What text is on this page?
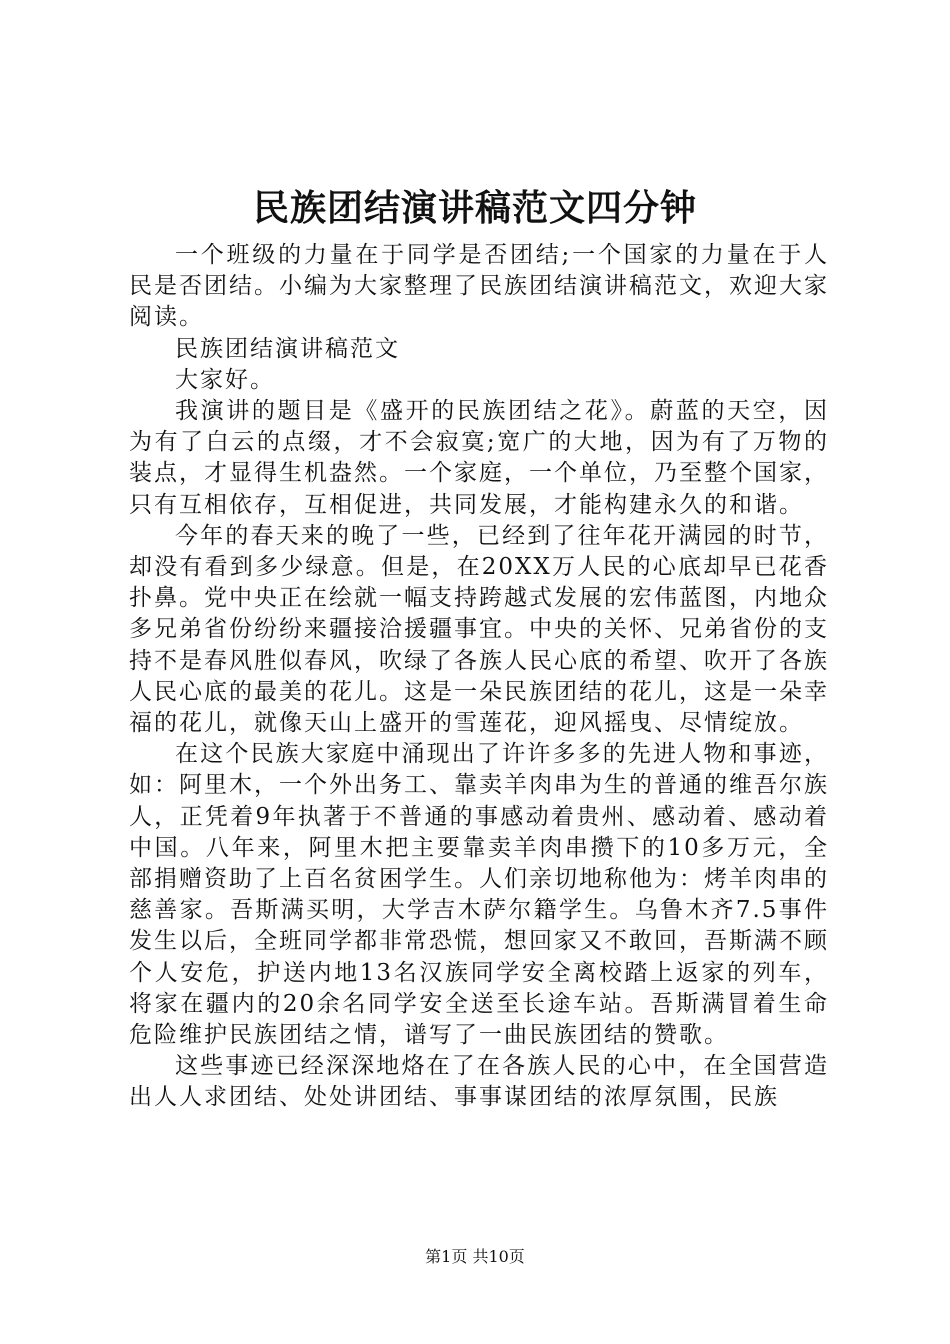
民族团结演讲稿范文四分钟

一个班级的力量在于同学是否团结;一个国家的力量在于人民是否团结。小编为大家整理了民族团结演讲稿范文，欢迎大家阅读。

民族团结演讲稿范文

大家好。

我演讲的题目是《盛开的民族团结之花》。蔚蓝的天空，因为有了白云的点缀，才不会寂寞;宽广的大地，因为有了万物的装点，才显得生机盎然。一个家庭，一个单位，乃至整个国家，只有互相依存，互相促进，共同发展，才能构建永久的和谐。

今年的春天来的晚了一些，已经到了往年花开满园的时节，却没有看到多少绿意。但是，在20XX万人民的心底却早已花香扑鼻。党中央正在绘就一幅支持跨越式发展的宏伟蓝图，内地众多兄弟省份纷纷来疆接洽援疆事宜。中央的关怀、兄弟省份的支持不是春风胜似春风，吹绿了各族人民心底的希望、吹开了各族人民心底的最美的花儿。这是一朵民族团结的花儿，这是一朵幸福的花儿，就像天山上盛开的雪莲花，迎风摇曳、尽情绽放。

在这个民族大家庭中涌现出了许许多多的先进人物和事迹，如：阿里木，一个外出务工、靠卖羊肉串为生的普通的维吾尔族人，正凭着9年执著于不普通的事感动着贵州、感动着、感动着中国。八年来，阿里木把主要靠卖羊肉串攒下的10多万元，全部捐赠资助了上百名贫困学生。人们亲切地称他为：烤羊肉串的慈善家。吾斯满买明，大学吉木萨尔籍学生。乌鲁木齐7.5事件发生以后，全班同学都非常恐慌，想回家又不敢回，吾斯满不顾个人安危，护送内地13名汉族同学安全离校踏上返家的列车，将家在疆内的20余名同学安全送至长途车站。吾斯满冒着生命危险维护民族团结之情，谱写了一曲民族团结的赞歌。

这些事迹已经深深地烙在了在各族人民的心中，在全国营造出人人求团结、处处讲团结、事事谋团结的浓厚氛围，民族

第1页 共10页
